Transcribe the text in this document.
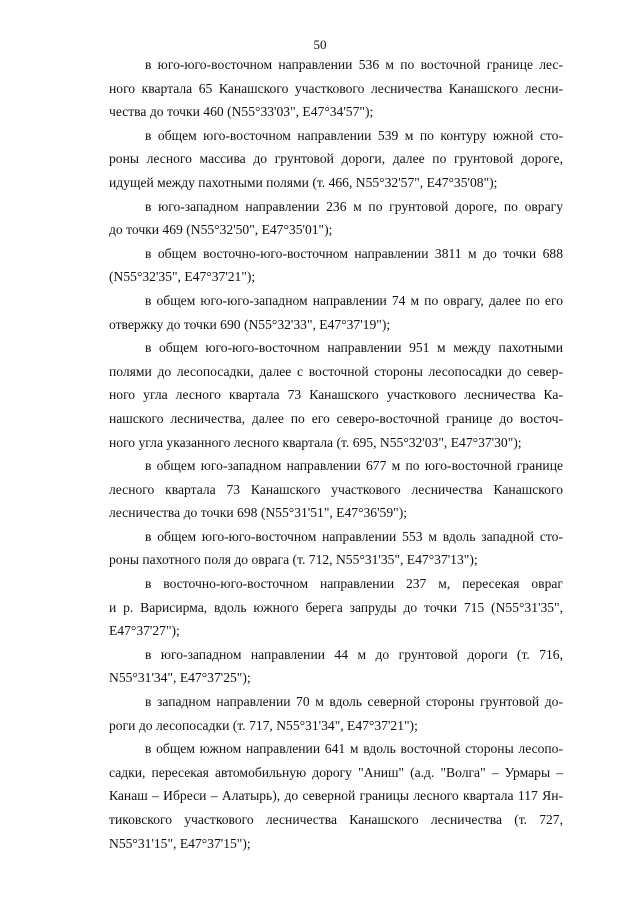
50
в юго-юго-восточном направлении 536 м по восточной границе лес-
ного квартала 65 Канашского участкового лесничества Канашского лесни-
чества до точки 460 (N55°33'03", E47°34'57");
в общем юго-восточном направлении 539 м по контуру южной сто-
роны лесного массива до грунтовой дороги, далее по грунтовой дороге,
идущей между пахотными полями (т. 466, N55°32'57", E47°35'08");
в юго-западном направлении 236 м по грунтовой дороге, по оврагу
до точки 469 (N55°32'50", E47°35'01");
в общем восточно-юго-восточном направлении 3811 м до точки 688
(N55°32'35", E47°37'21");
в общем юго-юго-западном направлении 74 м по оврагу, далее по его
отвержку до точки 690 (N55°32'33", E47°37'19");
в общем юго-юго-восточном направлении 951 м между пахотными
полями до лесопосадки, далее с восточной стороны лесопосадки до север-
ного угла лесного квартала 73 Канашского участкового лесничества Ка-
нашского лесничества, далее по его северо-восточной границе до восточ-
ного угла указанного лесного квартала (т. 695, N55°32'03", E47°37'30");
в общем юго-западном направлении 677 м по юго-восточной границе
лесного квартала 73 Канашского участкового лесничества Канашского
лесничества до точки 698 (N55°31'51", E47°36'59");
в общем юго-юго-восточном направлении 553 м вдоль западной сто-
роны пахотного поля до оврага (т. 712, N55°31'35", E47°37'13");
в восточно-юго-восточном направлении 237 м, пересекая овраг
и р. Варисирма, вдоль южного берега запруды до точки 715 (N55°31'35",
E47°37'27");
в юго-западном направлении 44 м до грунтовой дороги (т. 716,
N55°31'34", E47°37'25");
в западном направлении 70 м вдоль северной стороны грунтовой до-
роги до лесопосадки (т. 717, N55°31'34", E47°37'21");
в общем южном направлении 641 м вдоль восточной стороны лесопо-
садки, пересекая автомобильную дорогу "Аниш" (а.д. "Волга" – Урмары –
Канаш – Ибреси – Алатырь), до северной границы лесного квартала 117 Ян-
тиковского участкового лесничества Канашского лесничества (т. 727,
N55°31'15", E47°37'15");
